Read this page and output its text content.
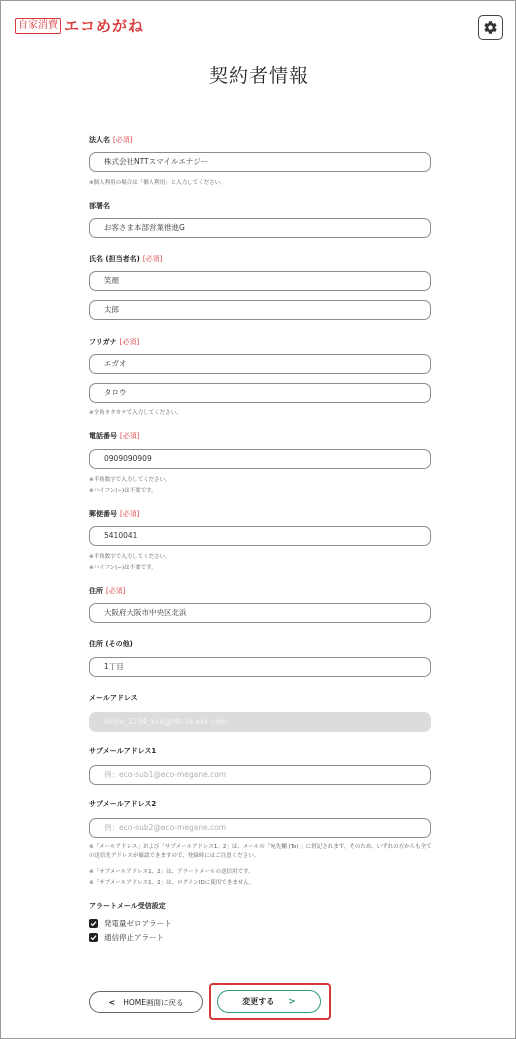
自家消費 エコめがね
契約者情報
法人名 [必須]
株式会社NTTスマイルエナジー
※個人利用の場合は「個人利用」と入力してください。
部署名
お客さま本部営業推進G
氏名 (担当者名) [必須]
笑顔
太郎
フリガナ [必須]
エガオ
タロウ
※全角カタカナで入力してください。
電話番号 [必須]
0909090909
※半角数字で入力してください。
※ハイフン(−)は不要です。
郵便番号 [必須]
5410041
※半角数字で入力してください。
※ハイフン(−)は不要です。
住所 [必須]
大阪府大阪市中央区北浜
住所 (その他)
1丁目
メールアドレス
smile_1234_xxx@ntt.sa.xxx.com
サブメールアドレス1
例：eco-sub1@eco-megane.com
サブメールアドレス2
例：eco-sub2@eco-megane.com
※「メールアドレス」および「サブメールアドレス1、2」は、メールの「宛先欄 (To) 」に併記されます。そのため、いずれの方からも全ての送信先アドレスが確認できますので、登録時にはご注意ください。
※「サブメールアドレス1、2」は、アラートメールの送信用です。
※「サブメールアドレス1、2」は、ログインIDに使用できません。
アラートメール受信設定
発電量ゼロアラート
通信停止アラート
< HOME画面に戻る	変更する >
